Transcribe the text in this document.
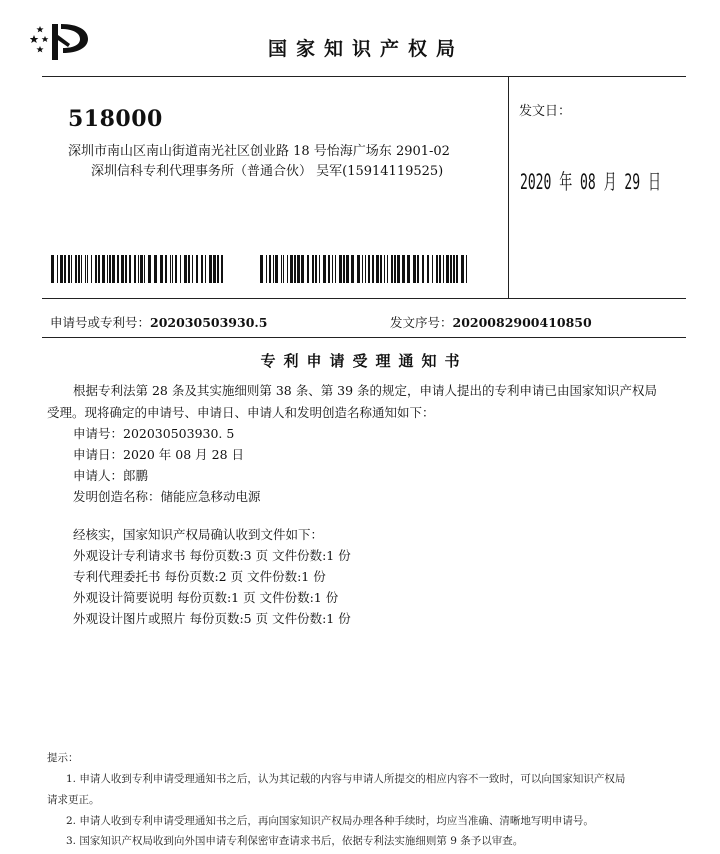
国家知识产权局
518000
深圳市南山区南山街道南光社区创业路 18 号怡海广场东 2901-02
深圳信科专利代理事务所（普通合伙） 吴军(15914119525)
发文日：
2020 年 08 月 29 日
申请号或专利号：202030503930.5	发文序号：2020082900410850
专利申请受理通知书
根据专利法第 28 条及其实施细则第 38 条、第 39 条的规定，申请人提出的专利申请已由国家知识产权局
受理。现将确定的申请号、申请日、申请人和发明创造名称通知如下：
申请号：202030503930. 5
申请日：2020 年 08 月 28 日
申请人：郎鹏
发明创造名称：储能应急移动电源
经核实，国家知识产权局确认收到文件如下：
外观设计专利请求书 每份页数:3 页 文件份数:1 份
专利代理委托书 每份页数:2 页 文件份数:1 份
外观设计简要说明 每份页数:1 页 文件份数:1 份
外观设计图片或照片 每份页数:5 页 文件份数:1 份
提示：
1. 申请人收到专利申请受理通知书之后，认为其记载的内容与申请人所提交的相应内容不一致时，可以向国家知识产权局
请求更正。
2. 申请人收到专利申请受理通知书之后，再向国家知识产权局办理各种手续时，均应当准确、清晰地写明申请号。
3. 国家知识产权局收到向外国申请专利保密审查请求书后，依据专利法实施细则第 9 条予以审查。
